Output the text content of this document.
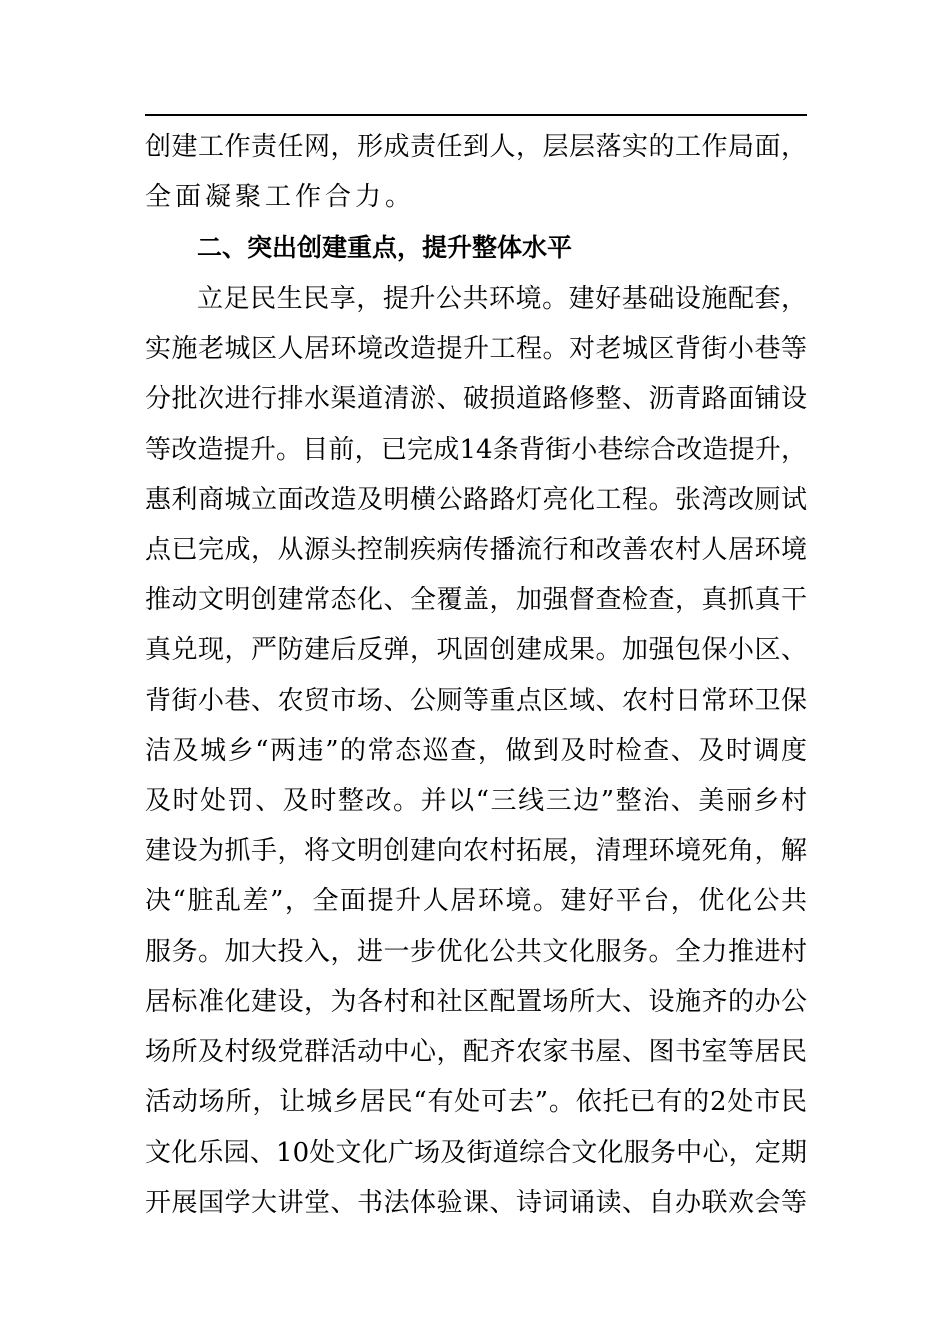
创建工作责任网，形成责任到人，层层落实的工作局面，
全面凝聚工作合力。
二、突出创建重点，提升整体水平
立足民生民享，提升公共环境。建好基础设施配套，
实施老城区人居环境改造提升工程。对老城区背街小巷等
分批次进行排水渠道清淤、破损道路修整、沥青路面铺设
等改造提升。目前，已完成14条背街小巷综合改造提升，
惠利商城立面改造及明横公路路灯亮化工程。张湾改厕试
点已完成，从源头控制疾病传播流行和改善农村人居环境
推动文明创建常态化、全覆盖，加强督查检查，真抓真干
真兑现，严防建后反弹，巩固创建成果。加强包保小区、
背街小巷、农贸市场、公厕等重点区域、农村日常环卫保
洁及城乡“两违”的常态巡查，做到及时检查、及时调度
及时处罚、及时整改。并以“三线三边”整治、美丽乡村
建设为抓手，将文明创建向农村拓展，清理环境死角，解
决“脏乱差”，全面提升人居环境。建好平台，优化公共
服务。加大投入，进一步优化公共文化服务。全力推进村
居标准化建设，为各村和社区配置场所大、设施齐的办公
场所及村级党群活动中心，配齐农家书屋、图书室等居民
活动场所，让城乡居民“有处可去”。依托已有的2处市民
文化乐园、10处文化广场及街道综合文化服务中心，定期
开展国学大讲堂、书法体验课、诗词诵读、自办联欢会等
